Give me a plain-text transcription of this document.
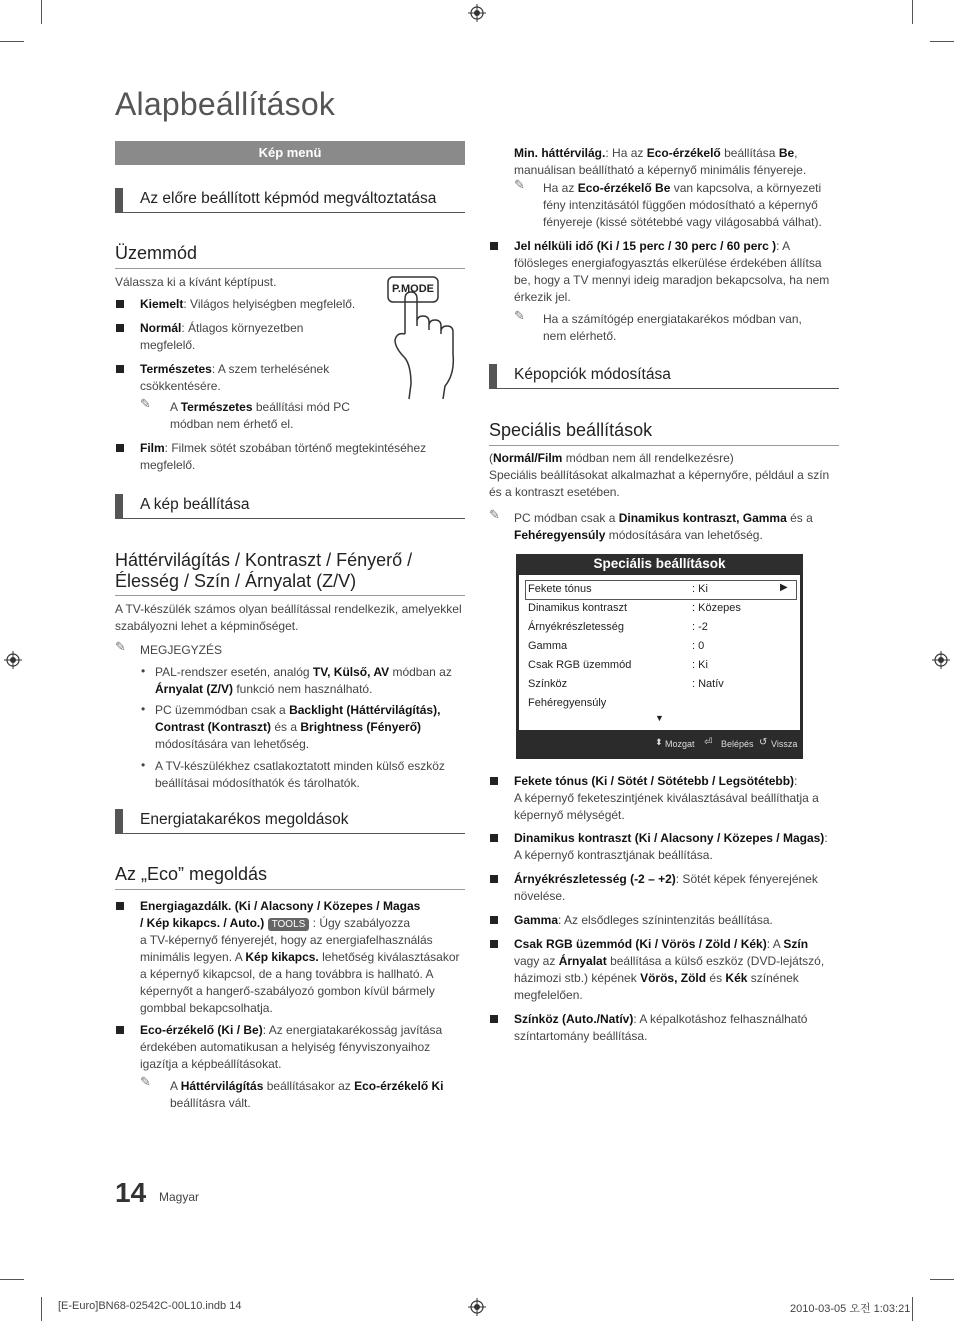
Alapbeállítások
Kép menü
Az előre beállított képmód megváltoztatása
Üzemmód
Válassza ki a kívánt képtípust.	P.MODE
Kiemelt: Világos helyiségben megfelelő.
Normál: Átlagos környezetben
megfelelő.
Természetes: A szem terhelésének
csökkentésére.
✎ A Természetes beállítási mód PC
módban nem érhető el.
Film: Filmek sötét szobában történő megtekintéséhez
megfelelő.
A kép beállítása
Háttérvilágítás / Kontraszt / Fényerő /
Élesség / Szín / Árnyalat (Z/V)
A TV-készülék számos olyan beállítással rendelkezik, amelyekkel
szabályozni lehet a képminőséget.
✎ MEGJEGYZÉS
• PAL-rendszer esetén, analóg TV, Külső, AV módban az
Árnyalat (Z/V) funkció nem használható.
• PC üzemmódban csak a Backlight (Háttérvilágítás),
Contrast (Kontraszt) és a Brightness (Fényerő)
módosítására van lehetőség.
• A TV-készülékhez csatlakoztatott minden külső eszköz
beállításai módosíthatók és tárolhatók.
Energiatakarékos megoldások
Az „Eco” megoldás
Energiagazdálk. (Ki / Alacsony / Közepes / Magas
/ Kép kikapcs. / Auto.) TOOLS : Úgy szabályozza
a TV-képernyő fényerejét, hogy az energiafelhasználás
minimális legyen. A Kép kikapcs. lehetőség kiválasztásakor
a képernyő kikapcsol, de a hang továbbra is hallható. A
képernyőt a hangerő-szabályozó gombon kívül bármely
gombbal bekapcsolhatja.
Eco-érzékelő (Ki / Be): Az energiatakarékosság javítása
érdekében automatikusan a helyiség fényviszonyaihoz
igazítja a képbeállításokat.
✎ A Háttérvilágítás beállításakor az Eco-érzékelő Ki
beállításra vált.
Min. háttérvilág.: Ha az Eco-érzékelő beállítása Be,
manuálisan beállítható a képernyő minimális fényereje.
✎ Ha az Eco-érzékelő Be van kapcsolva, a környezeti
fény intenzitásától függően módosítható a képernyő
fényereje (kissé sötétebbé vagy világosabbá válhat).
Jel nélküli idő (Ki / 15 perc / 30 perc / 60 perc ): A
fölösleges energiafogyasztás elkerülése érdekében állítsa
be, hogy a TV mennyi ideig maradjon bekapcsolva, ha nem
érkezik jel.
✎ Ha a számítógép energiatakarékos módban van,
nem elérhető.
Képopciók módosítása
Speciális beállítások
(Normál/Film módban nem áll rendelkezésre)
Speciális beállításokat alkalmazhat a képernyőre, például a szín
és a kontraszt esetében.
✎ PC módban csak a Dinamikus kontraszt, Gamma és a
Fehéregyensúly módosítására van lehetőség.
Speciális beállítások
Fekete tónus	: Ki	▶
Dinamikus kontraszt	: Közepes
Árnyékrészletesség	: -2
Gamma	: 0
Csak RGB üzemmód	: Ki
Színköz	: Natív
Fehéregyensúly
▼
⬍ Mozgat ⏎ Belépés ↺ Vissza
Fekete tónus (Ki / Sötét / Sötétebb / Legsötétebb):
A képernyő feketeszintjének kiválasztásával beállíthatja a
képernyő mélységét.
Dinamikus kontraszt (Ki / Alacsony / Közepes / Magas):
A képernyő kontrasztjának beállítása.
Árnyékrészletesség (-2 – +2): Sötét képek fényerejének
növelése.
Gamma: Az elsődleges színintenzitás beállítása.
Csak RGB üzemmód (Ki / Vörös / Zöld / Kék): A Szín
vagy az Árnyalat beállítása a külső eszköz (DVD-lejátszó,
házimozi stb.) képének Vörös, Zöld és Kék színének
megfelelően.
Színköz (Auto./Natív): A képalkotáshoz felhasználható
színtartomány beállítása.
14 Magyar
[E-Euro]BN68-02542C-00L10.indb 14	2010-03-05 오전 1:03:21
